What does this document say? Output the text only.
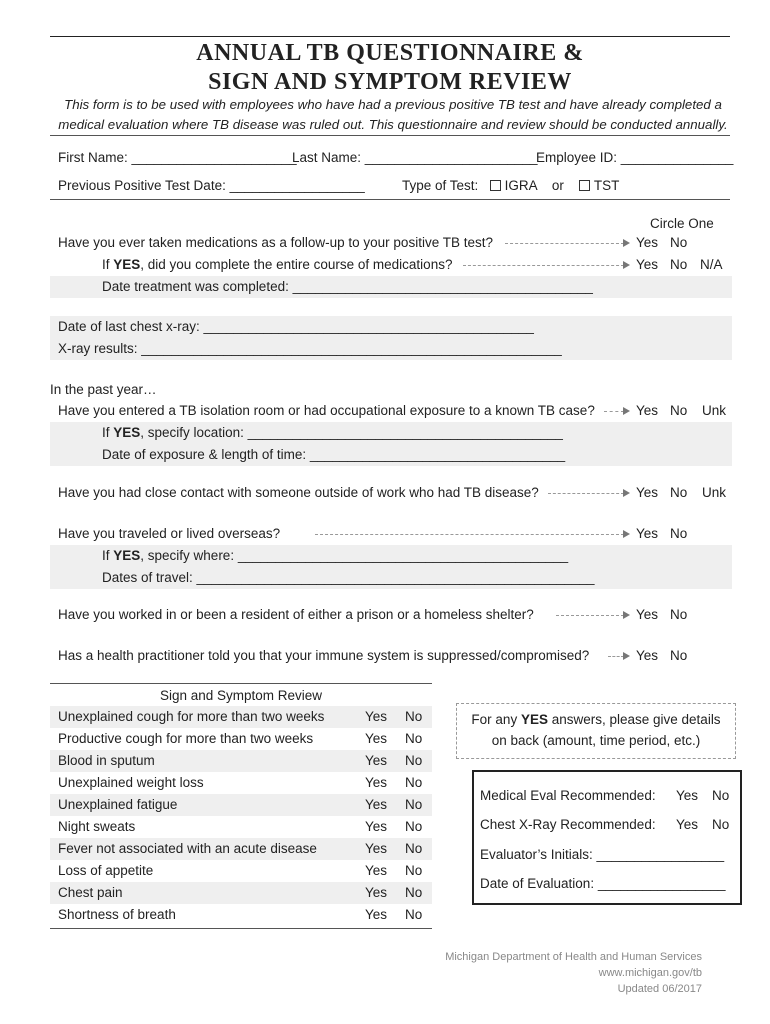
ANNUAL TB QUESTIONNAIRE &
SIGN AND SYMPTOM REVIEW
This form is to be used with employees who have had a previous positive TB test and have already completed a
medical evaluation where TB disease was ruled out. This questionnaire and review should be conducted annually.
First Name: ______________________
Last Name: _______________________
Employee ID: _______________
Previous Positive Test Date: __________________	Type of Test: IGRA or TST
Circle One
Have you ever taken medications as a follow-up to your positive TB test?	Yes No
If YES, did you complete the entire course of medications?	Yes No N/A
Date treatment was completed: ________________________________________
Date of last chest x-ray: ____________________________________________
X-ray results: ________________________________________________________
In the past year…
Have you entered a TB isolation room or had occupational exposure to a known TB case?	Yes No Unk
If YES, specify location: __________________________________________
Date of exposure & length of time: __________________________________
Have you had close contact with someone outside of work who had TB disease?	Yes No Unk
Have you traveled or lived overseas?	Yes No
If YES, specify where: ____________________________________________
Dates of travel: _____________________________________________________
Have you worked in or been a resident of either a prison or a homeless shelter?	Yes No
Has a health practitioner told you that your immune system is suppressed/compromised?	Yes No
Sign and Symptom Review
Unexplained cough for more than two weeks	Yes No
Productive cough for more than two weeks	Yes No
Blood in sputum	Yes No
Unexplained weight loss	Yes No
Unexplained fatigue	Yes No
Night sweats	Yes No
Fever not associated with an acute disease	Yes No
Loss of appetite	Yes No
Chest pain	Yes No
Shortness of breath	Yes No
For any YES answers, please give details
on back (amount, time period, etc.)
Medical Eval Recommended: Yes No
Chest X-Ray Recommended: Yes No
Evaluator’s Initials: _________________
Date of Evaluation: _________________
Michigan Department of Health and Human Services
www.michigan.gov/tb
Updated 06/2017
